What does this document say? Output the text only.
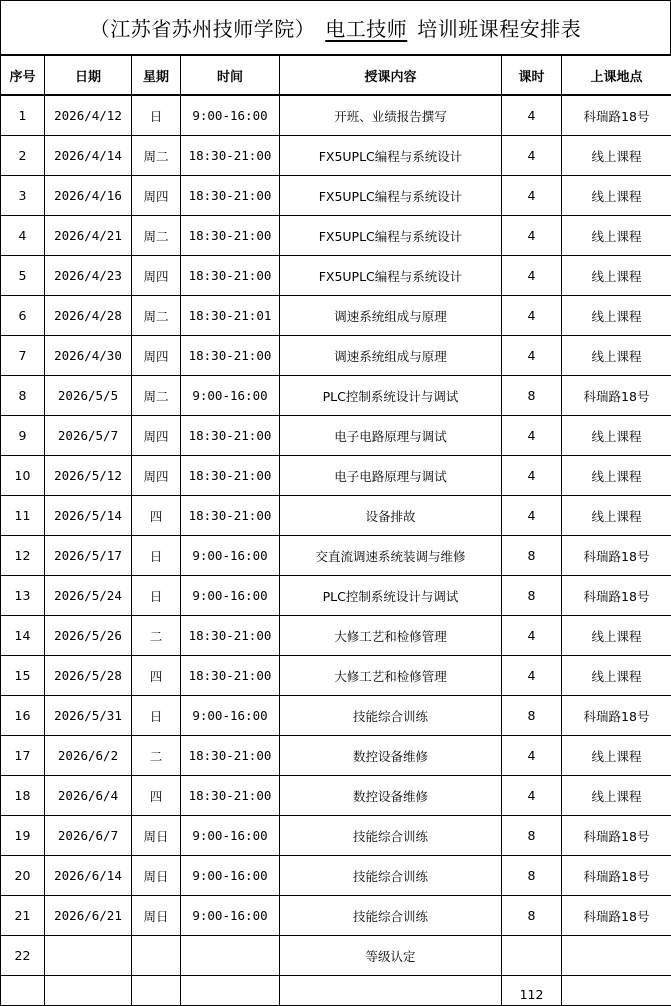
（江苏省苏州技师学院） 电工技师 培训班课程安排表
序号	日期	星期	时间	授课内容	课时	上课地点
1	2026/4/12	日	9:00-16:00	开班、业绩报告撰写	4	科瑞路18号
2	2026/4/14	周二	18:30-21:00	FX5UPLC编程与系统设计	4	线上课程
3	2026/4/16	周四	18:30-21:00	FX5UPLC编程与系统设计	4	线上课程
4	2026/4/21	周二	18:30-21:00	FX5UPLC编程与系统设计	4	线上课程
5	2026/4/23	周四	18:30-21:00	FX5UPLC编程与系统设计	4	线上课程
6	2026/4/28	周二	18:30-21:01	调速系统组成与原理	4	线上课程
7	2026/4/30	周四	18:30-21:00	调速系统组成与原理	4	线上课程
8	2026/5/5	周二	9:00-16:00	PLC控制系统设计与调试	8	科瑞路18号
9	2026/5/7	周四	18:30-21:00	电子电路原理与调试	4	线上课程
10	2026/5/12	周四	18:30-21:00	电子电路原理与调试	4	线上课程
11	2026/5/14	四	18:30-21:00	设备排故	4	线上课程
12	2026/5/17	日	9:00-16:00	交直流调速系统装调与维修	8	科瑞路18号
13	2026/5/24	日	9:00-16:00	PLC控制系统设计与调试	8	科瑞路18号
14	2026/5/26	二	18:30-21:00	大修工艺和检修管理	4	线上课程
15	2026/5/28	四	18:30-21:00	大修工艺和检修管理	4	线上课程
16	2026/5/31	日	9:00-16:00	技能综合训练	8	科瑞路18号
17	2026/6/2	二	18:30-21:00	数控设备维修	4	线上课程
18	2026/6/4	四	18:30-21:00	数控设备维修	4	线上课程
19	2026/6/7	周日	9:00-16:00	技能综合训练	8	科瑞路18号
20	2026/6/14	周日	9:00-16:00	技能综合训练	8	科瑞路18号
21	2026/6/21	周日	9:00-16:00	技能综合训练	8	科瑞路18号
22				等级认定		
					112	
